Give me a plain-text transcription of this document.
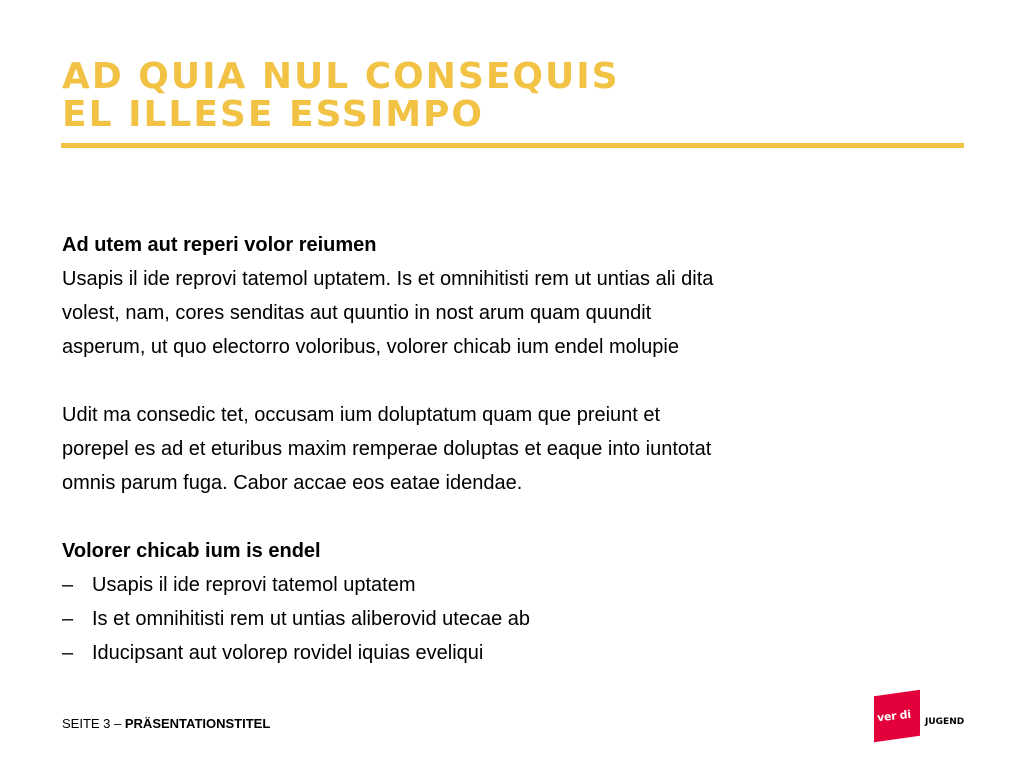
AD QUIA NUL CONSEQUIS
EL ILLESE ESSIMPO

Ad utem aut reperi volor reiumen

Usapis il ide reprovi tatemol uptatem. Is et omnihitisti rem ut untias ali dita

volest, nam, cores senditas aut quuntio in nost arum quam quundit

asperum, ut quo electorro voloribus, volorer chicab ium endel molupie

Udit ma consedic tet, occusam ium doluptatum quam que preiunt et

porepel es ad et eturibus maxim remperae doluptas et eaque into iuntotat

omnis parum fuga. Cabor accae eos eatae idendae.

Volorer chicab ium is endel

– Usapis il ide reprovi tatemol uptatem
– Is et omnihitisti rem ut untias aliberovid utecae ab
– Iducipsant aut volorep rovidel iquias eveliqui
SEITE 3 – PRÄSENTATIONSTITEL	ver di	JUGEND
